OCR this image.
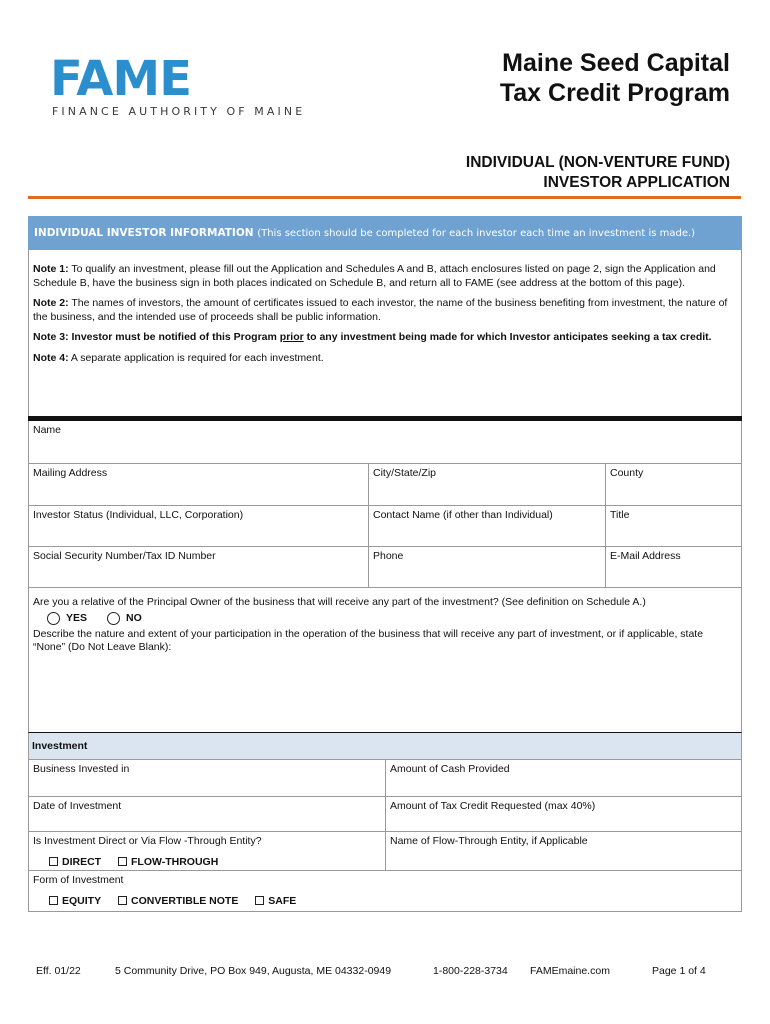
FAME
FINANCE AUTHORITY OF MAINE
Maine Seed Capital
Tax Credit Program
INDIVIDUAL (NON-VENTURE FUND)
INVESTOR APPLICATION
INDIVIDUAL INVESTOR INFORMATION (This section should be completed for each investor each time an investment is made.)

Note 1: To qualify an investment, please fill out the Application and Schedules A and B, attach enclosures listed on page 2, sign the Application and Schedule B, have the business sign in both places indicated on Schedule B, and return all to FAME (see address at the bottom of this page).

Note 2: The names of investors, the amount of certificates issued to each investor, the name of the business benefiting from investment, the nature of the business, and the intended use of proceeds shall be public information.

Note 3: Investor must be notified of this Program prior to any investment being made for which Investor anticipates seeking a tax credit.

Note 4: A separate application is required for each investment.

Name
Mailing Address	City/State/Zip	County
Investor Status (Individual, LLC, Corporation)	Contact Name (if other than Individual)	Title
Social Security Number/Tax ID Number	Phone	E-Mail Address
Are you a relative of the Principal Owner of the business that will receive any part of the investment? (See definition on Schedule A.)
YES	NO
Describe the nature and extent of your participation in the operation of the business that will receive any part of investment, or if applicable, state “None” (Do Not Leave Blank):
Investment
Business Invested in	Amount of Cash Provided
Date of Investment	Amount of Tax Credit Requested (max 40%)
Is Investment Direct or Via Flow -Through Entity?
DIRECT	FLOW-THROUGH
Name of Flow-Through Entity, if Applicable
Form of Investment
EQUITY	CONVERTIBLE NOTE	SAFE
Eff. 01/22	5 Community Drive, PO Box 949, Augusta, ME 04332-0949	1-800-228-3734 FAMEmaine.com	Page 1 of 4
